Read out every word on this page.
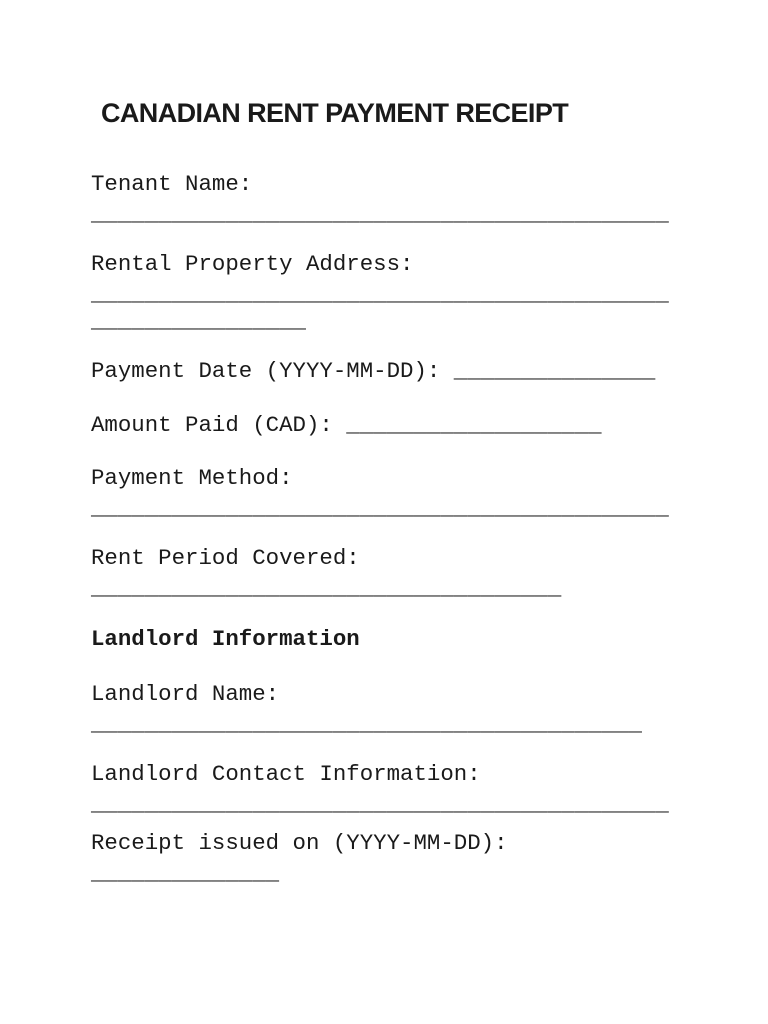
CANADIAN RENT PAYMENT RECEIPT

Tenant Name:

___________________________________________

Rental Property Address:

___________________________________________

________________

Payment Date (YYYY-MM-DD): _______________

Amount Paid (CAD): ___________________

Payment Method:

___________________________________________

Rent Period Covered:

___________________________________

Landlord Information

Landlord Name:

_________________________________________

Landlord Contact Information:

___________________________________________

Receipt issued on (YYYY-MM-DD):

______________
